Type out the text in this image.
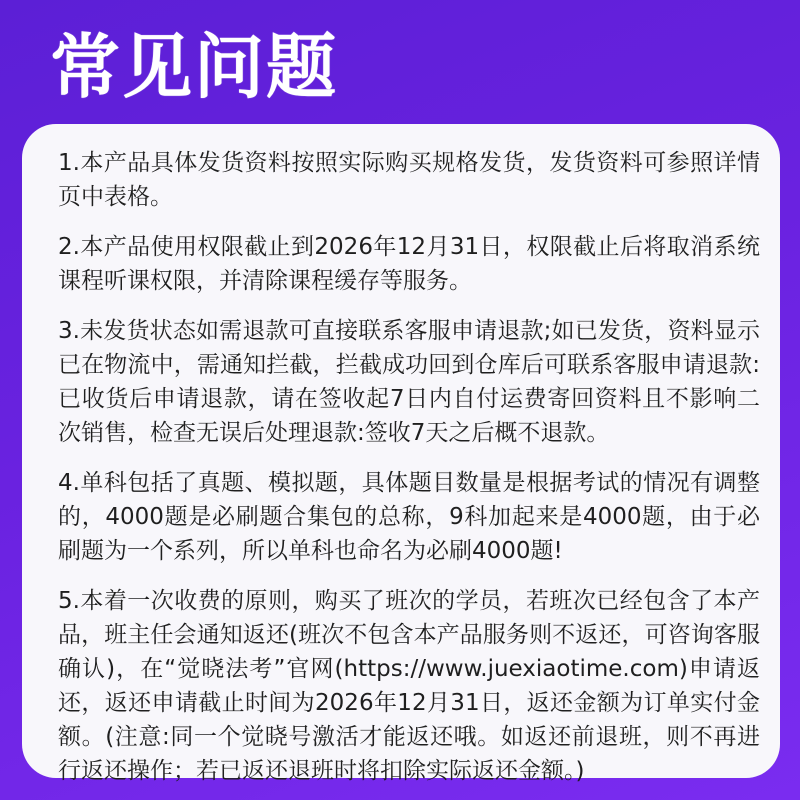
常见问题

1.本产品具体发货资料按照实际购买规格发货，发货资料可参照详情页中表格。

2.本产品使用权限截止到2026年12月31日，权限截止后将取消系统课程听课权限，并清除课程缓存等服务。

3.未发货状态如需退款可直接联系客服申请退款;如已发货，资料显示已在物流中，需通知拦截，拦截成功回到仓库后可联系客服申请退款:已收货后申请退款，请在签收起7日内自付运费寄回资料且不影响二次销售，检查无误后处理退款:签收7天之后概不退款。

4.单科包括了真题、模拟题，具体题目数量是根据考试的情况有调整的，4000题是必刷题合集包的总称，9科加起来是4000题，由于必刷题为一个系列，所以单科也命名为必刷4000题!

5.本着一次收费的原则，购买了班次的学员，若班次已经包含了本产品，班主任会通知返还(班次不包含本产品服务则不返还，可咨询客服确认)，在“觉晓法考”官网(https://www.juexiaotime.com)申请返还，返还申请截止时间为2026年12月31日，返还金额为订单实付金额。(注意:同一个觉晓号激活才能返还哦。如返还前退班，则不再进行返还操作；若已返还退班时将扣除实际返还金额。)
